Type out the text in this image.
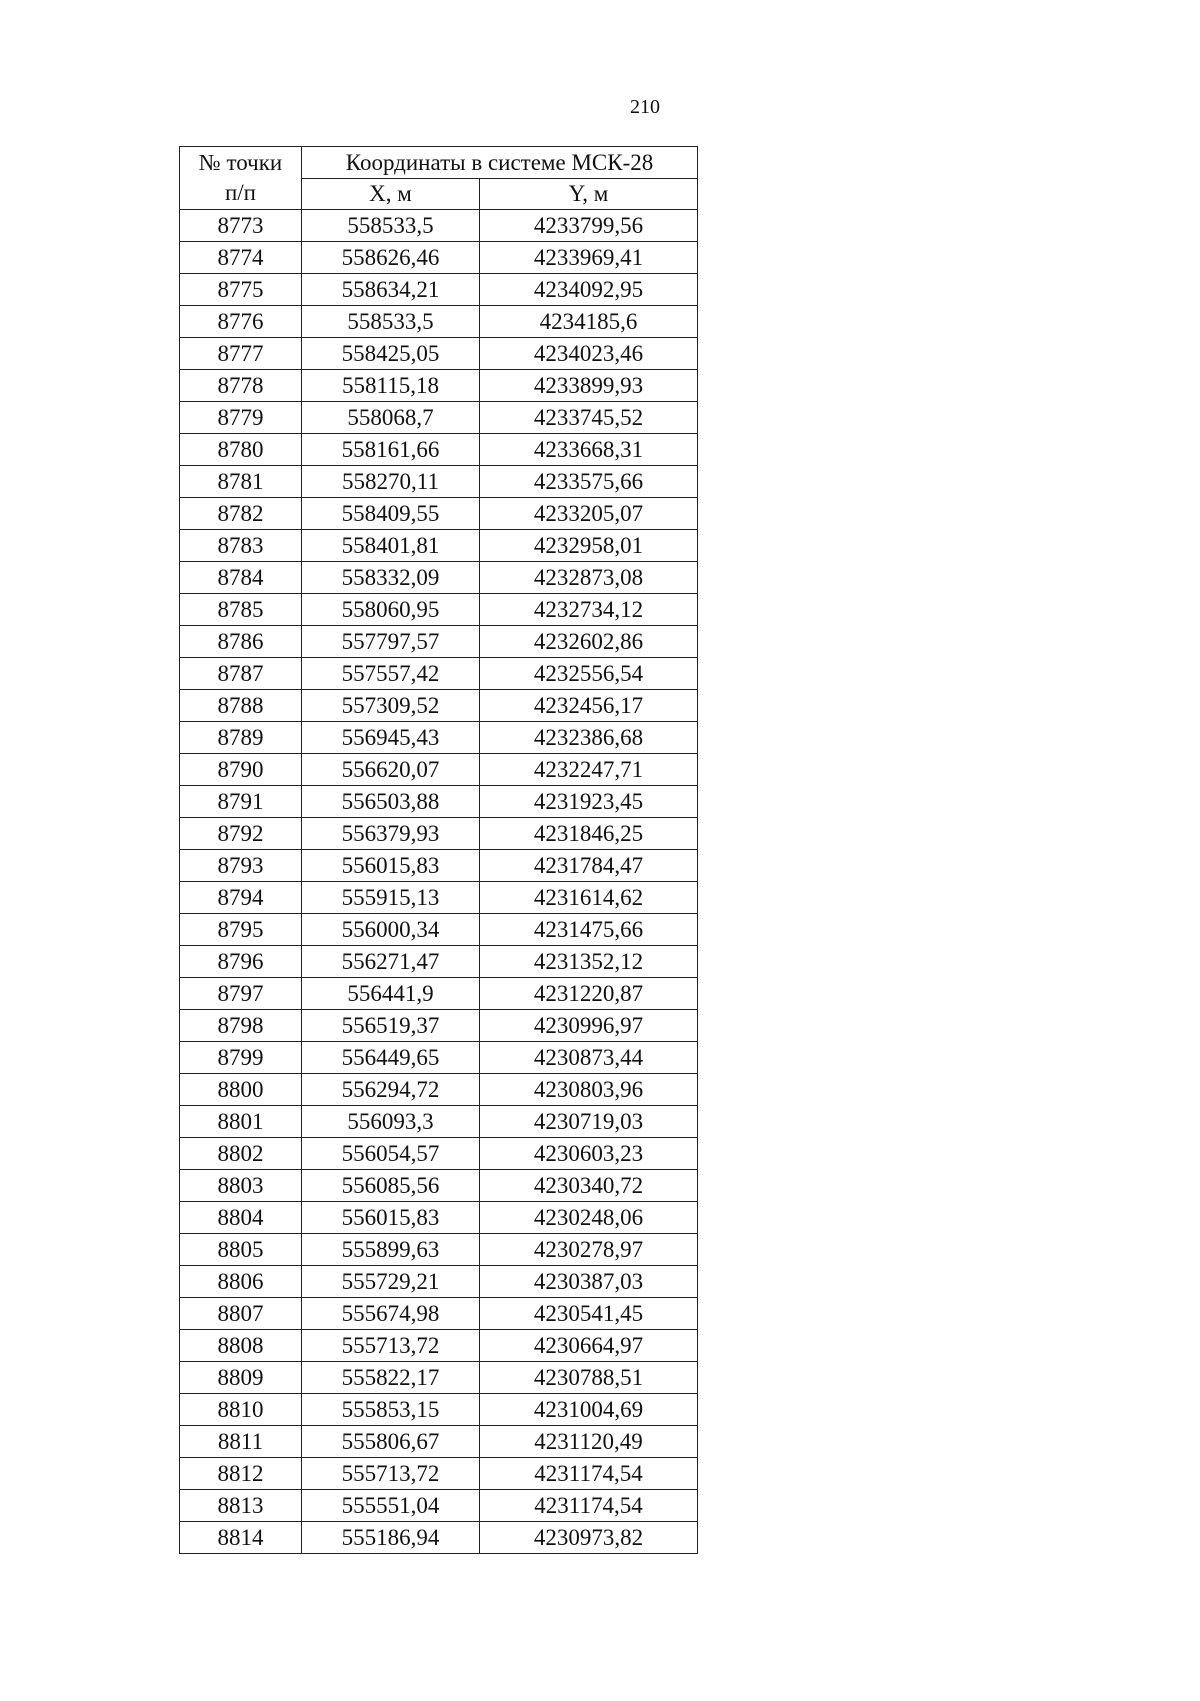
210
№ точки
п/п	Координаты в системе МСК-28	
	X, м	Y, м
8773	558533,5	4233799,56
8774	558626,46	4233969,41
8775	558634,21	4234092,95
8776	558533,5	4234185,6
8777	558425,05	4234023,46
8778	558115,18	4233899,93
8779	558068,7	4233745,52
8780	558161,66	4233668,31
8781	558270,11	4233575,66
8782	558409,55	4233205,07
8783	558401,81	4232958,01
8784	558332,09	4232873,08
8785	558060,95	4232734,12
8786	557797,57	4232602,86
8787	557557,42	4232556,54
8788	557309,52	4232456,17
8789	556945,43	4232386,68
8790	556620,07	4232247,71
8791	556503,88	4231923,45
8792	556379,93	4231846,25
8793	556015,83	4231784,47
8794	555915,13	4231614,62
8795	556000,34	4231475,66
8796	556271,47	4231352,12
8797	556441,9	4231220,87
8798	556519,37	4230996,97
8799	556449,65	4230873,44
8800	556294,72	4230803,96
8801	556093,3	4230719,03
8802	556054,57	4230603,23
8803	556085,56	4230340,72
8804	556015,83	4230248,06
8805	555899,63	4230278,97
8806	555729,21	4230387,03
8807	555674,98	4230541,45
8808	555713,72	4230664,97
8809	555822,17	4230788,51
8810	555853,15	4231004,69
8811	555806,67	4231120,49
8812	555713,72	4231174,54
8813	555551,04	4231174,54
8814	555186,94	4230973,82
